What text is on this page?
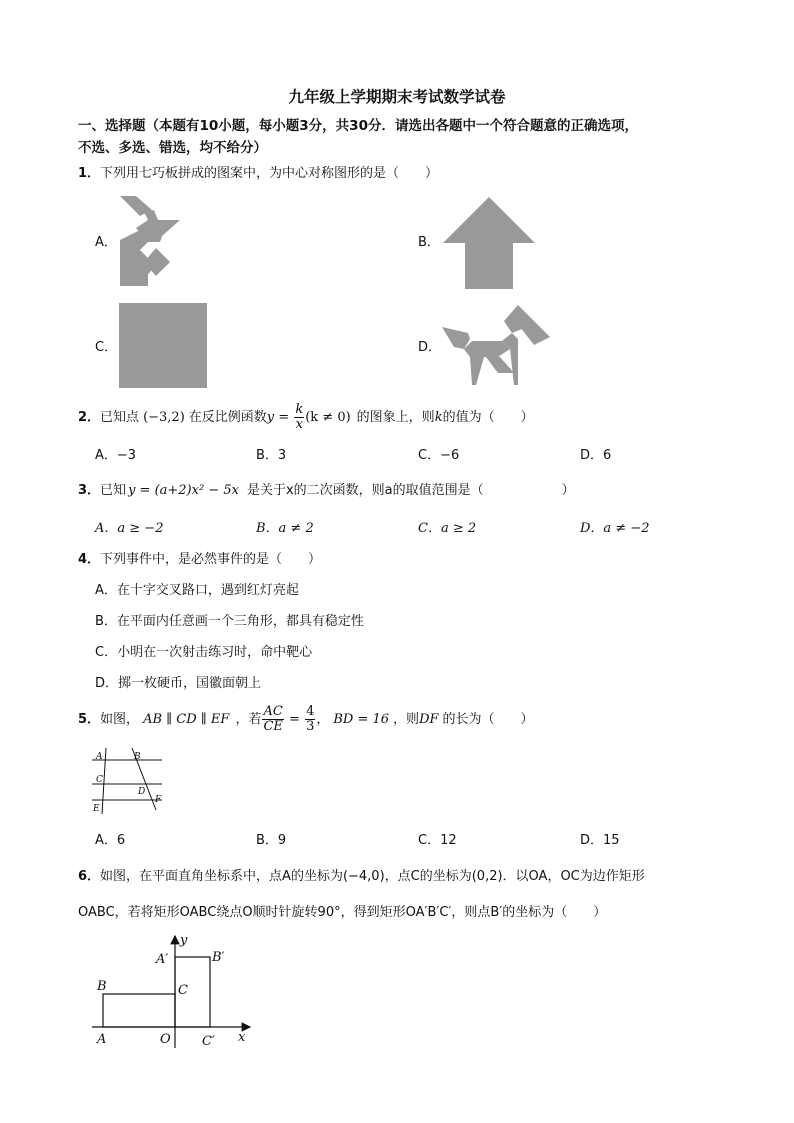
九年级上学期期末考试数学试卷
一、选择题（本题有10小题，每小题3分，共30分．请选出各题中一个符合题意的正确选项，
不选、多选、错选，均不给分）
1．下列用七巧板拼成的图案中，为中心对称图形的是（　　）
A．	B．
C．	D．
2．已知点 (−3,2) 在反比例函数$y = \frac{k}{x} (k \ne 0)$ 的图象上，则k的值为（　　）
A．−3	B．3	C．−6	D．6
3．已知 y = (a+2)x² − 5x 是关于x的二次函数，则a的取值范围是（　　　　　　）
A．a ≥ −2	B．a ≠ 2	C．a ≥ 2	D．a ≠ −2
4．下列事件中，是必然事件的是（　　）
A．在十字交叉路口，遇到红灯亮起
B．在平面内任意画一个三角形，都具有稳定性
C．小明在一次射击练习时，命中靶心
D．掷一枚硬币，国徽面朝上
5．如图， AB ∥ CD ∥ EF ，若 $\frac{AC}{CE} = \frac{4}{3}$ ， BD = 16 ，则DF 的长为（　　）
A	B
C
D
E
F
A．6	B．9	C．12	D．15
6．如图，在平面直角坐标系中，点A的坐标为(−4,0)，点C的坐标为(0,2)．以OA，OC为边作矩形
OABC，若将矩形OABC绕点O顺时针旋转90°，得到矩形OA′B′C′，则点B′的坐标为（　　）
y
x
A′	B′
B	C
A	O C′
